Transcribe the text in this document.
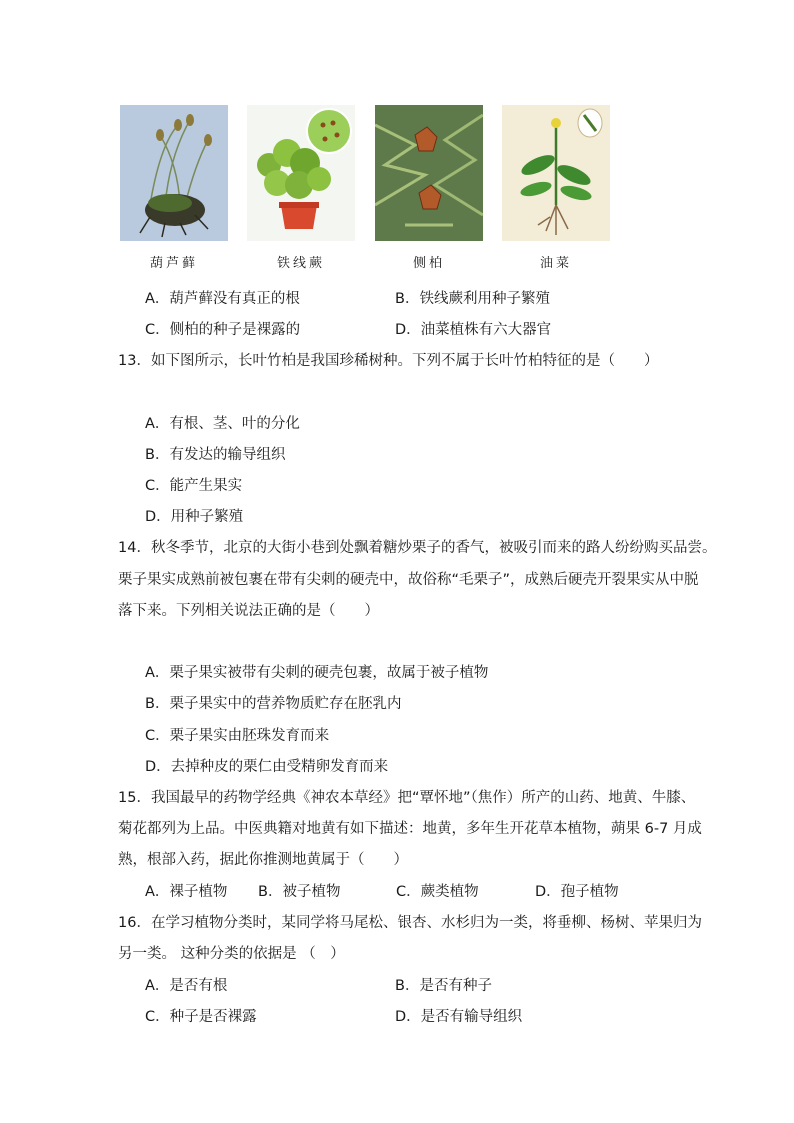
葫芦藓	铁线蕨	侧柏	油菜
A．葫芦藓没有真正的根	B．铁线蕨利用种子繁殖
C．侧柏的种子是裸露的	D．油菜植株有六大器官
13．如下图所示，长叶竹柏是我国珍稀树种。下列不属于长叶竹柏特征的是（　　）
A．有根、茎、叶的分化
B．有发达的输导组织
C．能产生果实
D．用种子繁殖
14．秋冬季节，北京的大街小巷到处飘着糖炒栗子的香气，被吸引而来的路人纷纷购买品尝。
栗子果实成熟前被包裹在带有尖刺的硬壳中，故俗称“毛栗子”，成熟后硬壳开裂果实从中脱
落下来。下列相关说法正确的是（　　）
A．栗子果实被带有尖刺的硬壳包裹，故属于被子植物
B．栗子果实中的营养物质贮存在胚乳内
C．栗子果实由胚珠发育而来
D．去掉种皮的栗仁由受精卵发育而来
15．我国最早的药物学经典《神农本草经》把“覃怀地”（焦作）所产的山药、地黄、牛膝、
菊花都列为上品。中医典籍对地黄有如下描述：地黄，多年生开花草本植物，蒴果 6-7 月成
熟，根部入药，据此你推测地黄属于（　　）
A．裸子植物 B．被子植物	C．蕨类植物	D．孢子植物
16．在学习植物分类时，某同学将马尾松、银杏、水杉归为一类，将垂柳、杨树、苹果归为
另一类。 这种分类的依据是 （　）
A．是否有根	B．是否有种子
C．种子是否裸露	D．是否有输导组织
